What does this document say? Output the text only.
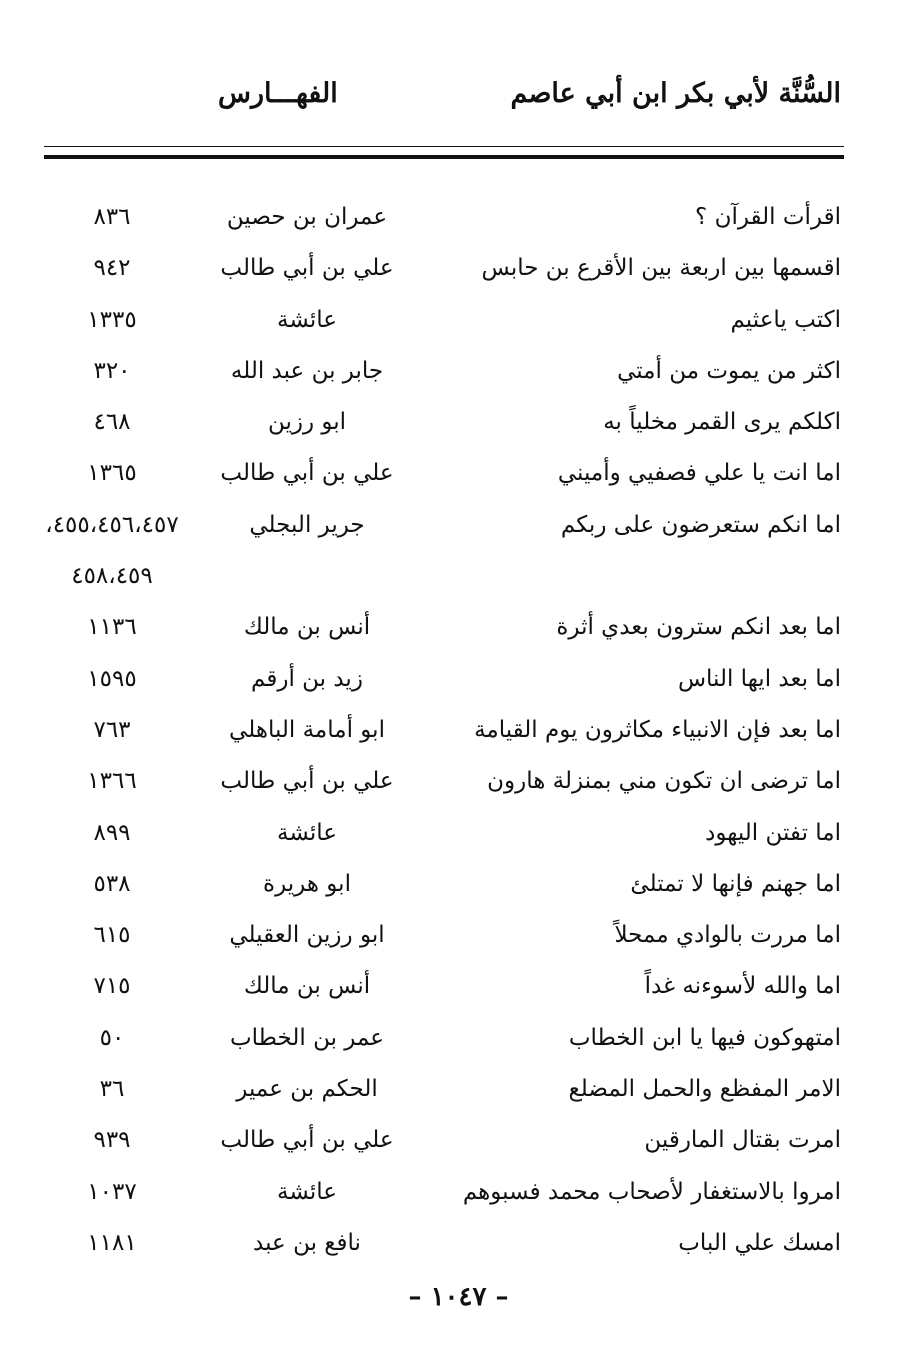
السُّنَّة لأبي بكر ابن أبي عاصم
الفهـــارس
اقرأت القرآن ؟
عمران بن حصين
٨٣٦
اقسمها بين اربعة بين الأقرع بن حابس
علي بن أبي طالب
٩٤٢
اكتب ياعثيم
عائشة
١٣٣٥
اكثر من يموت من أمتي
جابر بن عبد الله
٣٢٠
اكلكم يرى القمر مخلياً به
ابو رزين
٤٦٨
اما انت يا علي فصفيي وأميني
علي بن أبي طالب
١٣٦٥
اما انكم ستعرضون على ربكم
جرير البجلي
٤٥٥،٤٥٦،٤٥٧،
٤٥٨،٤٥٩
اما بعد انكم سترون بعدي أثرة
أنس بن مالك
١١٣٦
اما بعد ايها الناس
زيد بن أرقم
١٥٩٥
اما بعد فإن الانبياء مكاثرون يوم القيامة
ابو أمامة الباهلي
٧٦٣
اما ترضى ان تكون مني بمنزلة هارون
علي بن أبي طالب
١٣٦٦
اما تفتن اليهود
عائشة
٨٩٩
اما جهنم فإنها لا تمتلئ
ابو هريرة
٥٣٨
اما مررت بالوادي ممحلاً
ابو رزين العقيلي
٦١٥
اما والله لأسوءنه غداً
أنس بن مالك
٧١٥
امتهوكون فيها يا ابن الخطاب
عمر بن الخطاب
٥٠
الامر المفظع والحمل المضلع
الحكم بن عمير
٣٦
امرت بقتال المارقين
علي بن أبي طالب
٩٣٩
امروا بالاستغفار لأصحاب محمد فسبوهم
عائشة
١٠٣٧
امسك علي الباب
نافع بن عبد
١١٨١
– ١٠٤٧ –
